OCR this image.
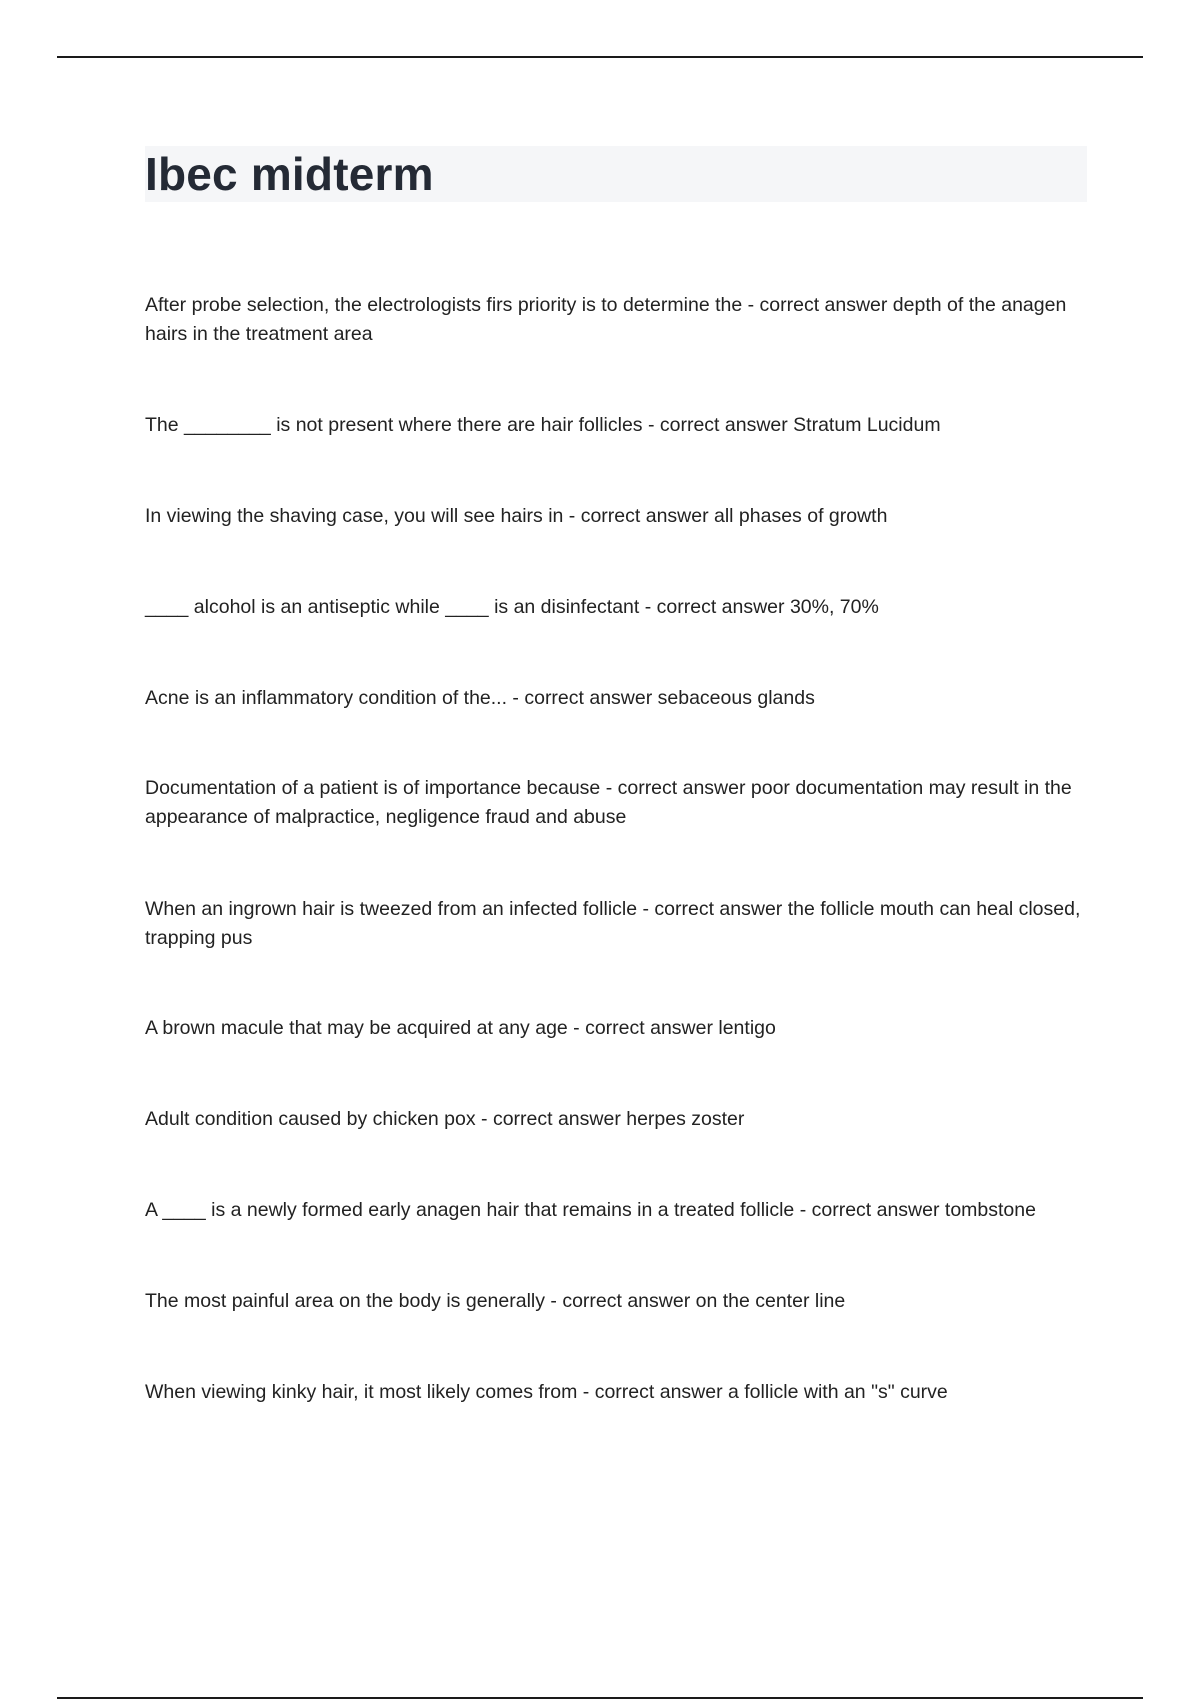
Ibec midterm

After probe selection, the electrologists firs priority is to determine the - correct answer depth of the anagen hairs in the treatment area

The ________ is not present where there are hair follicles - correct answer Stratum Lucidum

In viewing the shaving case, you will see hairs in - correct answer all phases of growth

____ alcohol is an antiseptic while ____ is an disinfectant - correct answer 30%, 70%

Acne is an inflammatory condition of the... - correct answer sebaceous glands

Documentation of a patient is of importance because - correct answer poor documentation may result in the appearance of malpractice, negligence fraud and abuse

When an ingrown hair is tweezed from an infected follicle - correct answer the follicle mouth can heal closed, trapping pus

A brown macule that may be acquired at any age - correct answer lentigo

Adult condition caused by chicken pox - correct answer herpes zoster

A ____ is a newly formed early anagen hair that remains in a treated follicle - correct answer tombstone

The most painful area on the body is generally - correct answer on the center line

When viewing kinky hair, it most likely comes from - correct answer a follicle with an "s" curve
